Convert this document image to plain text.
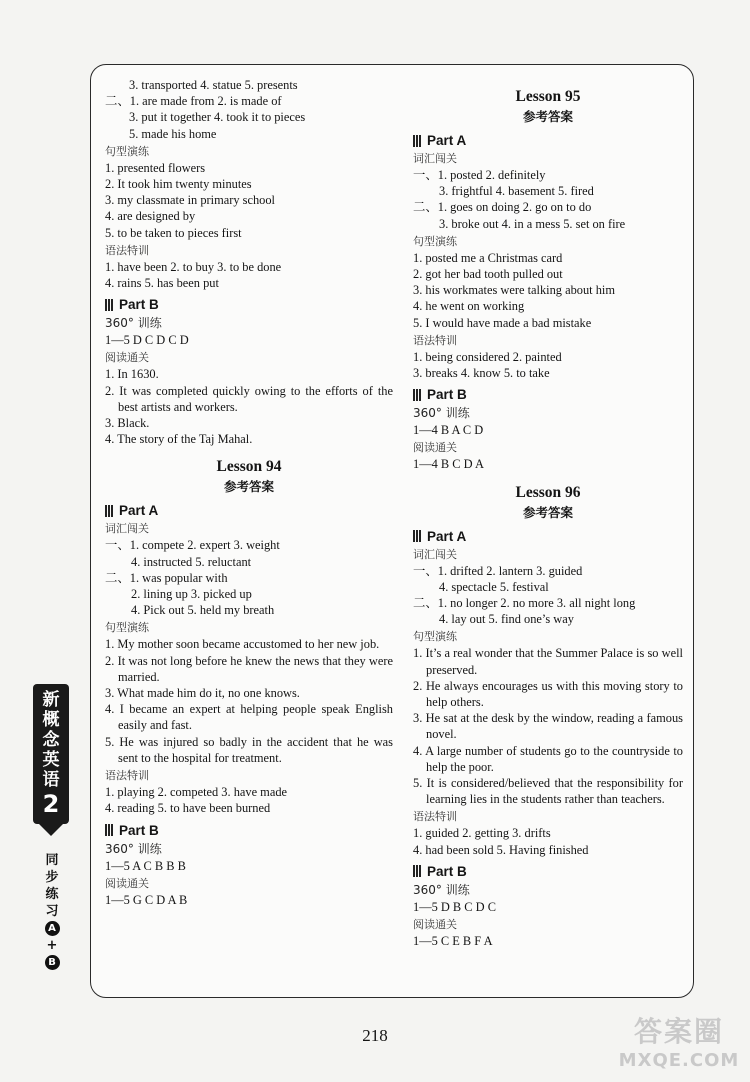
3. transported 4. statue 5. presents
二、1. are made from 2. is made of
3. put it together 4. took it to pieces
5. made his home
句型演练
1. presented flowers
2. It took him twenty minutes
3. my classmate in primary school
4. are designed by
5. to be taken to pieces first
语法特训
1. have been 2. to buy 3. to be done
4. rains 5. has been put
Part B
360° 训练
1—5 D C D C D
阅读通关
1. In 1630.
2. It was completed quickly owing to the efforts of the best artists and workers.
3. Black.
4. The story of the Taj Mahal.
Lesson 94
参考答案
Part A
词汇闯关
一、1. compete 2. expert 3. weight
4. instructed 5. reluctant
二、1. was popular with
2. lining up 3. picked up
4. Pick out 5. held my breath
句型演练
1. My mother soon became accustomed to her new job.
2. It was not long before he knew the news that they were married.
3. What made him do it, no one knows.
4. I became an expert at helping people speak English easily and fast.
5. He was injured so badly in the accident that he was sent to the hospital for treatment.
语法特训
1. playing 2. competed 3. have made
4. reading 5. to have been burned
Part B
360° 训练
1—5 A C B B B
阅读通关
1—5 G C D A B
Lesson 95
参考答案
Part A
词汇闯关
一、1. posted 2. definitely
3. frightful 4. basement 5. fired
二、1. goes on doing 2. go on to do
3. broke out 4. in a mess 5. set on fire
句型演练
1. posted me a Christmas card
2. got her bad tooth pulled out
3. his workmates were talking about him
4. he went on working
5. I would have made a bad mistake
语法特训
1. being considered 2. painted
3. breaks 4. know 5. to take
Part B
360° 训练
1—4 B A C D
阅读通关
1—4 B C D A
Lesson 96
参考答案
Part A
词汇闯关
一、1. drifted 2. lantern 3. guided
4. spectacle 5. festival
二、1. no longer 2. no more 3. all night long
4. lay out 5. find one’s way
句型演练
1. It’s a real wonder that the Summer Palace is so well preserved.
2. He always encourages us with this moving story to help others.
3. He sat at the desk by the window, reading a famous novel.
4. A large number of students go to the countryside to help the poor.
5. It is considered/believed that the responsibility for learning lies in the students rather than teachers.
语法特训
1. guided 2. getting 3. drifts
4. had been sold 5. Having finished
Part B
360° 训练
1—5 D B C D C
阅读通关
1—5 C E B F A
新
概
念
英
语
2
同
步
练
习
A
+
B
218	答案圈
MXQE.COM
